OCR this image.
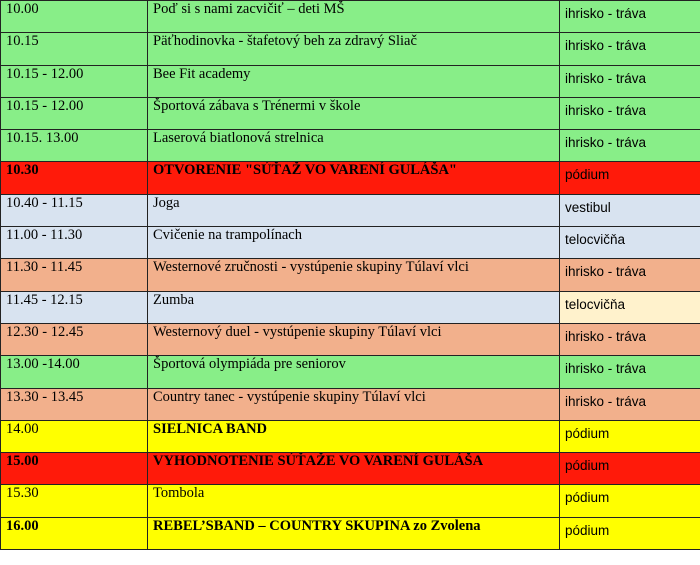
10.00	Poď si s nami zacvičiť – deti MŠ	ihrisko - tráva
10.15	Päťhodinovka - štafetový beh za zdravý Sliač	ihrisko - tráva
10.15 - 12.00	Bee Fit academy	ihrisko - tráva
10.15 - 12.00	Športová zábava s Trénermi v škole	ihrisko - tráva
10.15. 13.00	Laserová biatlonová strelnica	ihrisko - tráva
10.30	OTVORENIE "SÚŤAŽ VO VARENÍ GULÁŠA"	pódium
10.40 - 11.15	Joga	vestibul
11.00 - 11.30	Cvičenie na trampolínach	telocvičňa
11.30 - 11.45	Westernové zručnosti - vystúpenie skupiny Túlaví vlci	ihrisko - tráva
11.45 - 12.15	Zumba	telocvičňa
12.30 - 12.45	Westernový duel - vystúpenie skupiny Túlaví vlci	ihrisko - tráva
13.00 -14.00	Športová olympiáda pre seniorov	ihrisko - tráva
13.30 - 13.45	Country tanec - vystúpenie skupiny Túlaví vlci	ihrisko - tráva
14.00	SIELNICA BAND	pódium
15.00	VYHODNOTENIE SÚŤAŽE VO VARENÍ GULÁŠA	pódium
15.30	Tombola	pódium
16.00	REBEL’SBAND – COUNTRY SKUPINA zo Zvolena	pódium
